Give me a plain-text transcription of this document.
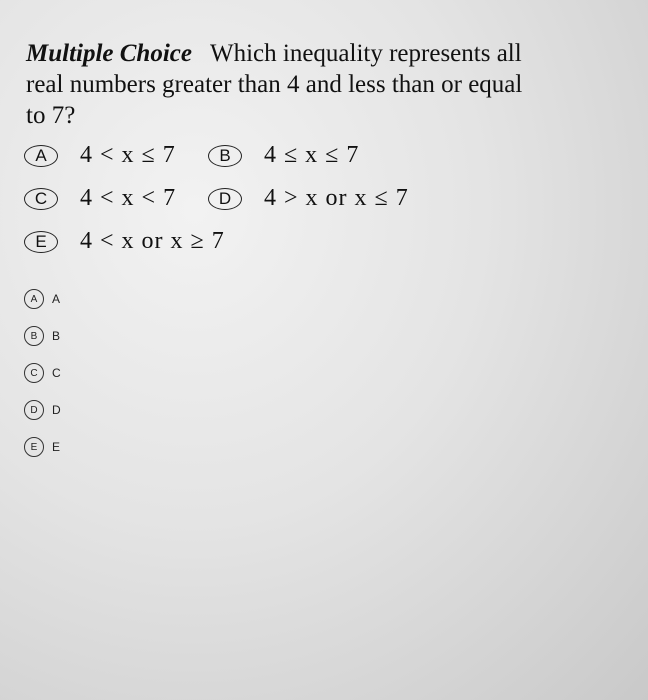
Multiple Choice Which inequality represents all real numbers greater than 4 and less than or equal to 7?
A	4 < x ≤ 7	B	4 ≤ x ≤ 7
C	4 < x < 7	D	4 > x or x ≤ 7
E	4 < x or x ≥ 7
A	A
B	B
C	C
D	D
E	E
